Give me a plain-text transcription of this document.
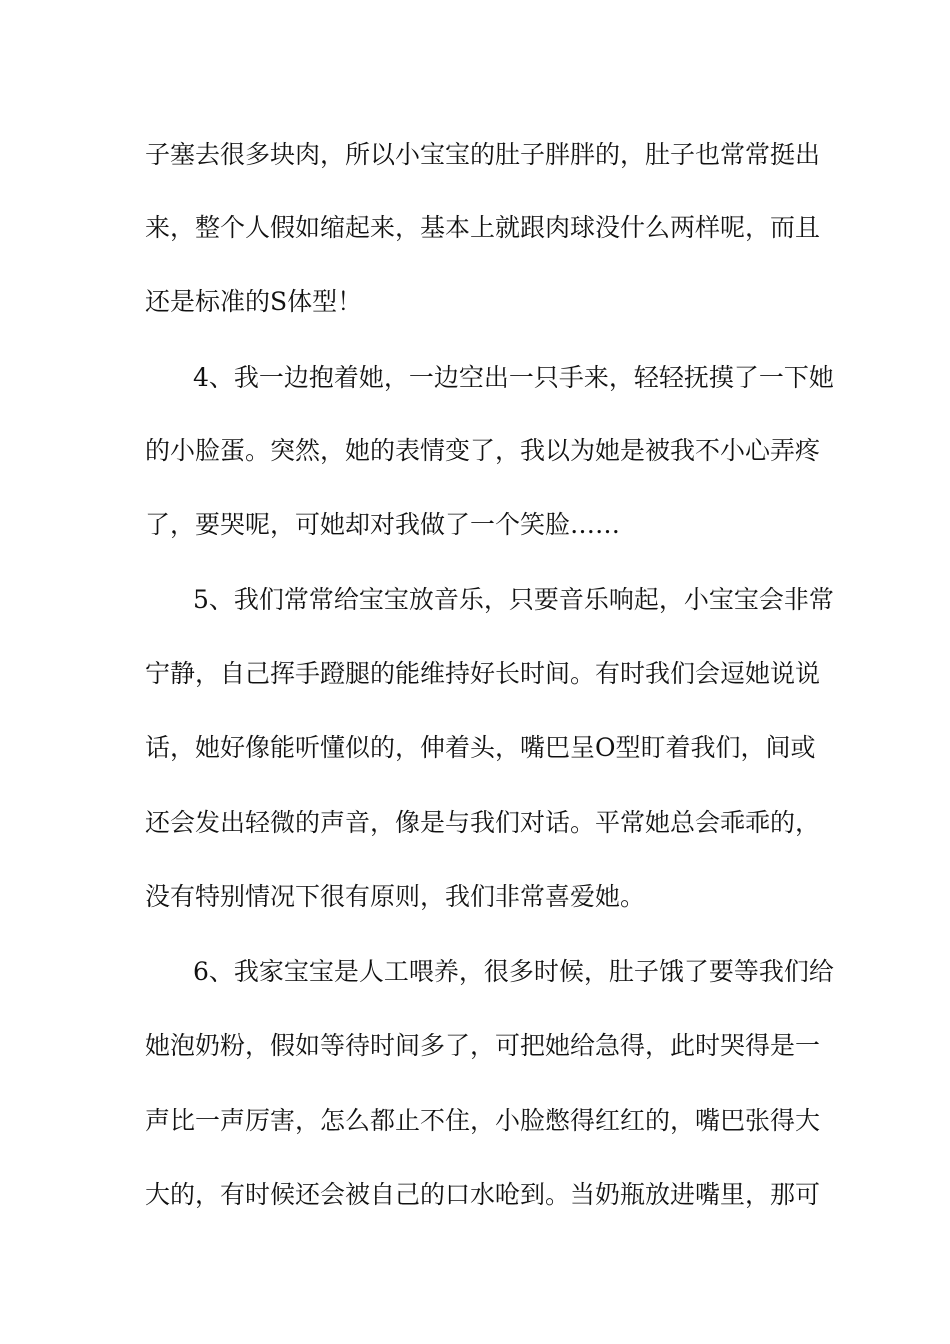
子塞去很多块肉，所以小宝宝的肚子胖胖的，肚子也常常挺出
来，整个人假如缩起来，基本上就跟肉球没什么两样呢，而且
还是标准的S体型！
4、我一边抱着她，一边空出一只手来，轻轻抚摸了一下她
的小脸蛋。突然，她的表情变了，我以为她是被我不小心弄疼
了，要哭呢，可她却对我做了一个笑脸……
5、我们常常给宝宝放音乐，只要音乐响起，小宝宝会非常
宁静，自己挥手蹬腿的能维持好长时间。有时我们会逗她说说
话，她好像能听懂似的，伸着头，嘴巴呈O型盯着我们，间或
还会发出轻微的声音，像是与我们对话。平常她总会乖乖的，
没有特别情况下很有原则，我们非常喜爱她。
6、我家宝宝是人工喂养，很多时候，肚子饿了要等我们给
她泡奶粉，假如等待时间多了，可把她给急得，此时哭得是一
声比一声厉害，怎么都止不住，小脸憋得红红的，嘴巴张得大
大的，有时候还会被自己的口水呛到。当奶瓶放进嘴里，那可
